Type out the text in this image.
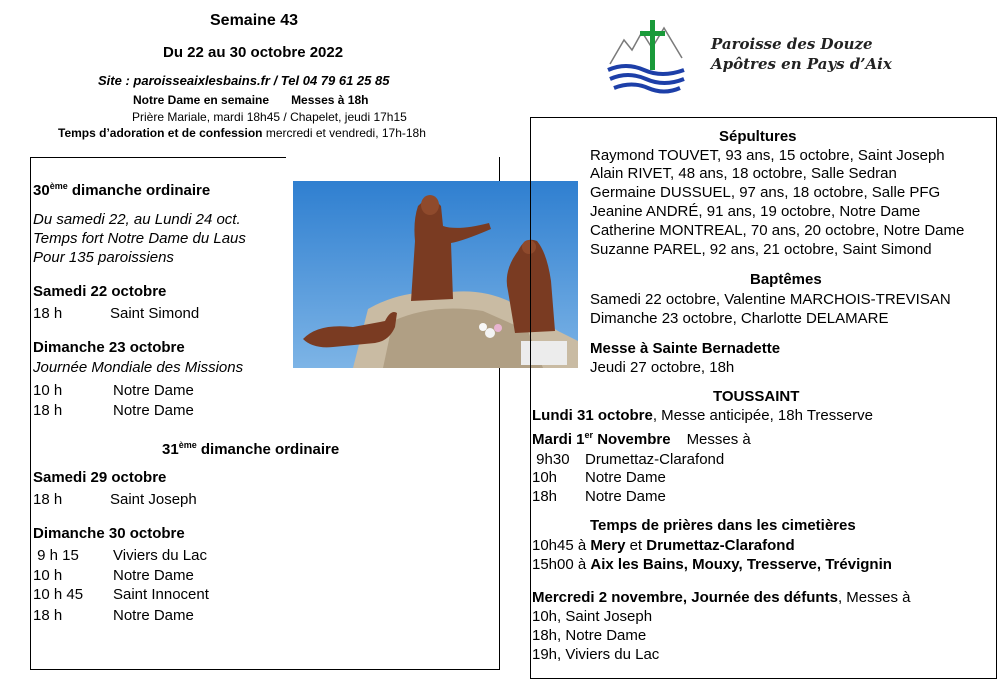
Semaine 43
Du 22 au 30 octobre 2022
Site : paroisseaixlesbains.fr / Tel 04 79 61 25 85
Notre Dame en semaine Messes à 18h
Prière Mariale, mardi 18h45 / Chapelet, jeudi 17h15
Temps d’adoration et de confession mercredi et vendredi, 17h-18h
Paroisse des Douze
Apôtres en Pays d’Aix
30ème dimanche ordinaire
Du samedi 22, au Lundi 24 oct.
Temps fort Notre Dame du Laus
Pour 135 paroissiens
Samedi 22 octobre
18 h	Saint Simond
Dimanche 23 octobre
Journée Mondiale des Missions
10 h	Notre Dame
18 h	Notre Dame
31ème dimanche ordinaire
Samedi 29 octobre
18 h	Saint Joseph
Dimanche 30 octobre
9 h 15 Viviers du Lac
10 h	Notre Dame
10 h 45 Saint Innocent
18 h	Notre Dame
Sépultures
Raymond TOUVET, 93 ans, 15 octobre, Saint Joseph
Alain RIVET, 48 ans, 18 octobre, Salle Sedran
Germaine DUSSUEL, 97 ans, 18 octobre, Salle PFG
Jeanine ANDRÉ, 91 ans, 19 octobre, Notre Dame
Catherine MONTREAL, 70 ans, 20 octobre, Notre Dame
Suzanne PAREL, 92 ans, 21 octobre, Saint Simond
Baptêmes
Samedi 22 octobre, Valentine MARCHOIS-TREVISAN
Dimanche 23 octobre, Charlotte DELAMARE
Messe à Sainte Bernadette
Jeudi 27 octobre, 18h
TOUSSAINT
Lundi 31 octobre, Messe anticipée, 18h Tresserve
Mardi 1er Novembre Messes à
9h30 Drumettaz-Clarafond
10h Notre Dame
18h Notre Dame
Temps de prières dans les cimetières
10h45 à Mery et Drumettaz-Clarafond
15h00 à Aix les Bains, Mouxy, Tresserve, Trévignin
Mercredi 2 novembre, Journée des défunts, Messes à
10h, Saint Joseph
18h, Notre Dame
19h, Viviers du Lac
